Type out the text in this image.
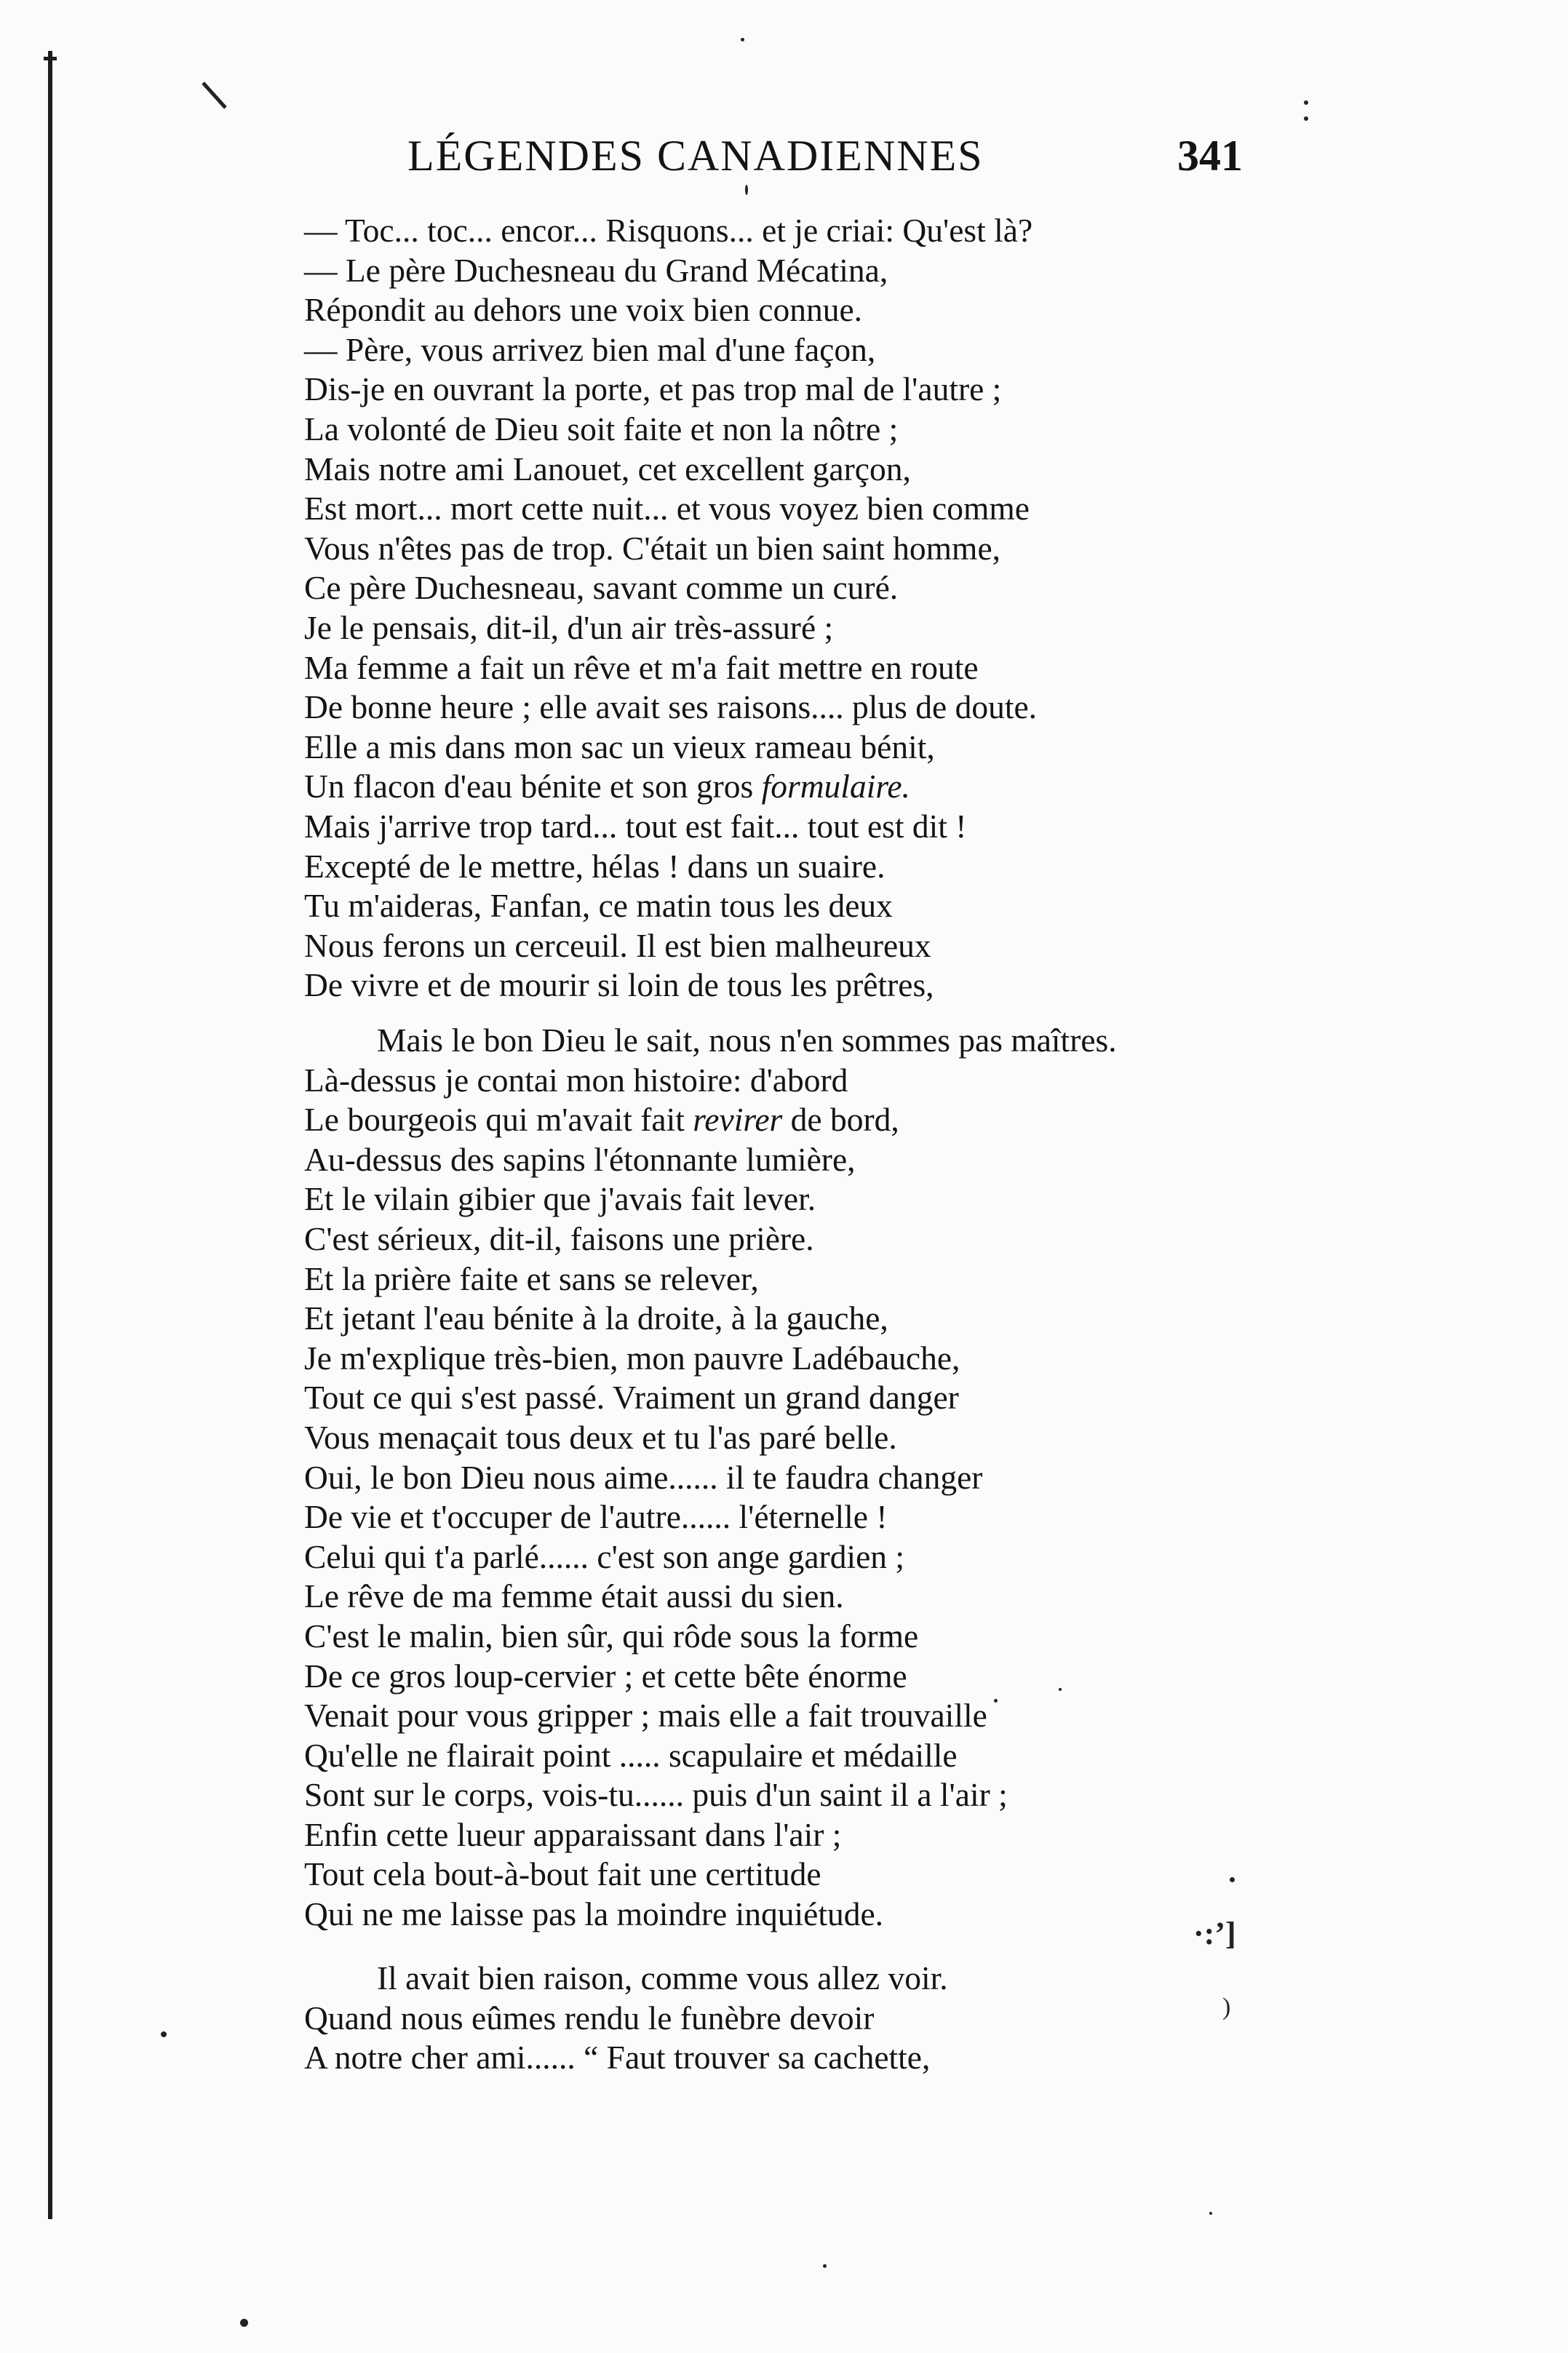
·:ʼ]
)
LÉGENDES CANADIENNES	341
— Toc... toc... encor... Risquons... et je criai: Qu'est là?
— Le père Duchesneau du Grand Mécatina,
Répondit au dehors une voix bien connue.
— Père, vous arrivez bien mal d'une façon,
Dis-je en ouvrant la porte, et pas trop mal de l'autre ;
La volonté de Dieu soit faite et non la nôtre ;
Mais notre ami Lanouet, cet excellent garçon,
Est mort... mort cette nuit... et vous voyez bien comme
Vous n'êtes pas de trop. C'était un bien saint homme,
Ce père Duchesneau, savant comme un curé.
Je le pensais, dit-il, d'un air très-assuré ;
Ma femme a fait un rêve et m'a fait mettre en route
De bonne heure ; elle avait ses raisons.... plus de doute.
Elle a mis dans mon sac un vieux rameau bénit,
Un flacon d'eau bénite et son gros formulaire.
Mais j'arrive trop tard... tout est fait... tout est dit !
Excepté de le mettre, hélas ! dans un suaire.
Tu m'aideras, Fanfan, ce matin tous les deux
Nous ferons un cerceuil. Il est bien malheureux
De vivre et de mourir si loin de tous les prêtres,
Mais le bon Dieu le sait, nous n'en sommes pas maîtres.
Là-dessus je contai mon histoire: d'abord
Le bourgeois qui m'avait fait revirer de bord,
Au-dessus des sapins l'étonnante lumière,
Et le vilain gibier que j'avais fait lever.
C'est sérieux, dit-il, faisons une prière.
Et la prière faite et sans se relever,
Et jetant l'eau bénite à la droite, à la gauche,
Je m'explique très-bien, mon pauvre Ladébauche,
Tout ce qui s'est passé. Vraiment un grand danger
Vous menaçait tous deux et tu l'as paré belle.
Oui, le bon Dieu nous aime...... il te faudra changer
De vie et t'occuper de l'autre...... l'éternelle !
Celui qui t'a parlé...... c'est son ange gardien ;
Le rêve de ma femme était aussi du sien.
C'est le malin, bien sûr, qui rôde sous la forme
De ce gros loup-cervier ; et cette bête énorme
Venait pour vous gripper ; mais elle a fait trouvaille
Qu'elle ne flairait point ..... scapulaire et médaille
Sont sur le corps, vois-tu...... puis d'un saint il a l'air ;
Enfin cette lueur apparaissant dans l'air ;
Tout cela bout-à-bout fait une certitude
Qui ne me laisse pas la moindre inquiétude.
Il avait bien raison, comme vous allez voir.
Quand nous eûmes rendu le funèbre devoir
A notre cher ami...... “ Faut trouver sa cachette,
